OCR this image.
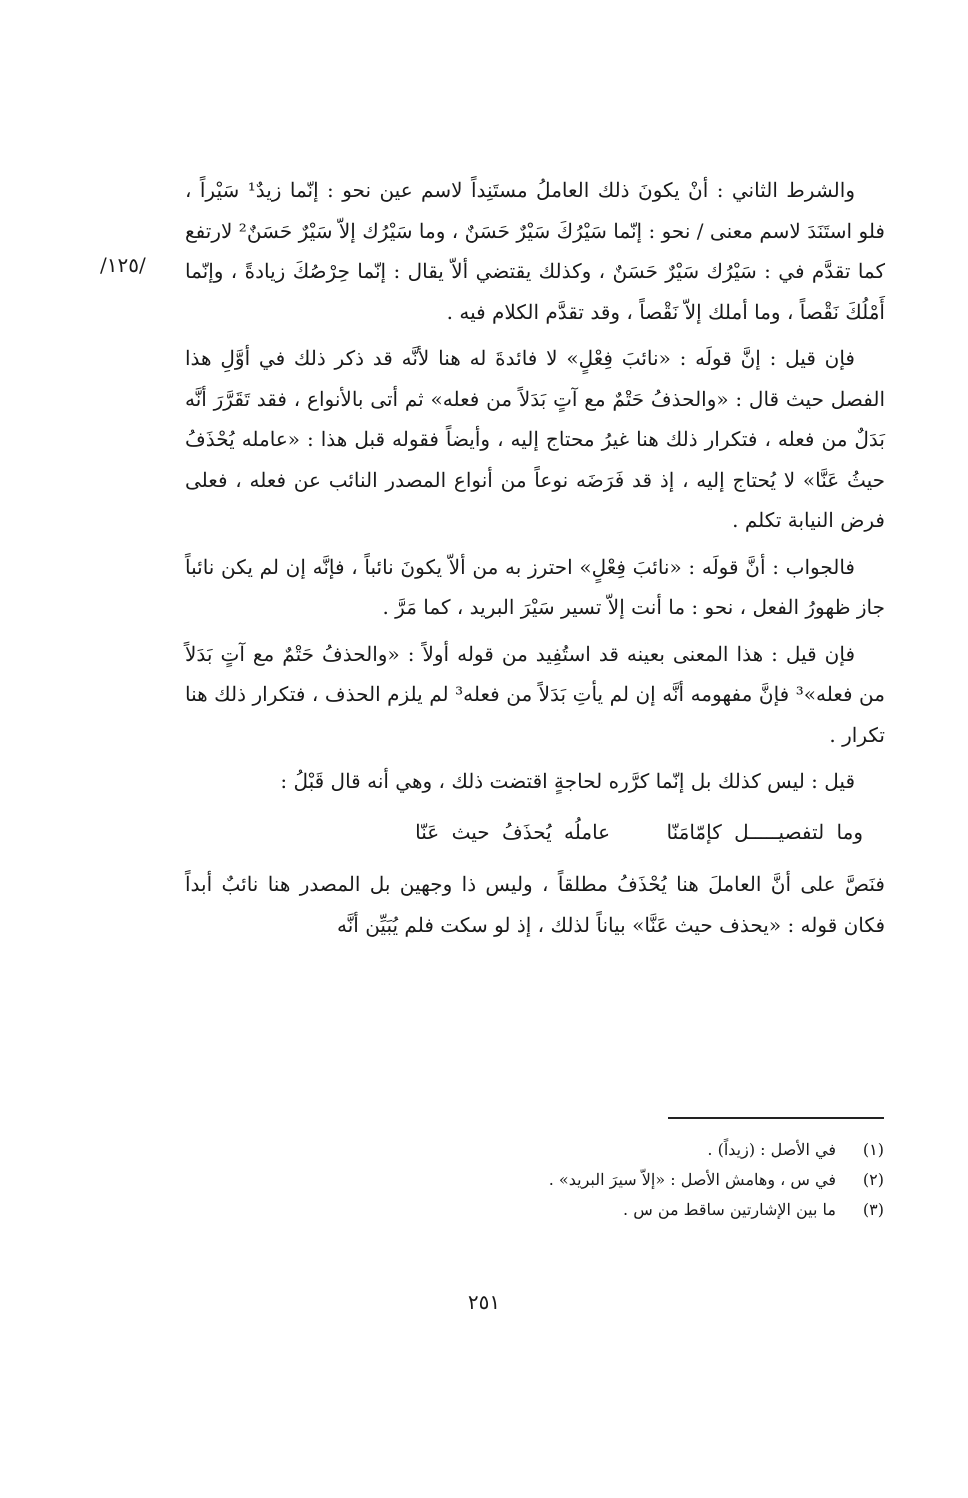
/١٢٥/

والشرط الثاني : أنْ يكونَ ذلك العاملُ مستَنِداً لاسم عين نحو : إنّما زيدٌ¹ سَيْراً ، فلو استَنَدَ لاسم معنى / نحو : إنّما سَيْرُكَ سَيْرٌ حَسَنٌ ، وما سَيْرُك إلاّ سَيْرٌ حَسَنٌ² لارتفع كما تقدَّم في : سَيْرُك سَيْرٌ حَسَنٌ ، وكذلك يقتضي ألاّ يقال : إنّما حِرْصُكَ زيادةً ، وإنّما أَمْلُكَ نَقْصاً ، وما أملك إلاّ نَقْصاً ، وقد تقدَّم الكلام فيه .

فإن قيل : إنَّ قولَه : «نائبَ فِعْلٍ» لا فائدةَ له هنا لأنَّه قد ذكر ذلك في أوَّلِ هذا الفصل حيث قال : «والحذفُ حَتْمٌ مع آتٍ بَدَلاً من فعله» ثم أتى بالأنواع ، فقد تَقَرَّرَ أنَّه بَدَلٌ من فعله ، فتكرار ذلك هنا غيرُ محتاج إليه ، وأيضاً فقوله قبل هذا : «عامله يُحْذَفُ حيثُ عَنَّا» لا يُحتاج إليه ، إذ قد فَرَضَه نوعاً من أنواع المصدر النائب عن فعله ، فعلى فرض النيابة تكلم .

فالجواب : أنَّ قولَه : «نائبَ فِعْلٍ» احترز به من ألاّ يكونَ نائباً ، فإنَّه إن لم يكن نائباً جاز ظهورُ الفعل ، نحو : ما أنت إلاّ تسير سَيْرَ البريد ، كما مَرَّ .

فإن قيل : هذا المعنى بعينه قد استُفِيد من قوله أولاً : «والحذفُ حَتْمٌ مع آتٍ بَدَلاً من فعله»³ فإنَّ مفهومه أنَّه إن لم يأتِ بَدَلاً من فعله³ لم يلزم الحذف ، فتكرار ذلك هنا تكرار .

قيل : ليس كذلك بل إنّما كرَّره لحاجةٍ اقتضت ذلك ، وهي أنه قال قَبْلُ :

وما لتفصيـــــل كإمّامَنّا عاملُه يُحذَفُ حيث عَنّا

فنَصَّ على أنَّ العاملَ هنا يُحْذَفُ مطلقاً ، وليس ذا وجهين بل المصدر هنا نائبٌ أبداً فكان قوله : «يحذف حيث عَنَّا» بياناً لذلك ، إذ لو سكت فلم يُبَيِّن أنَّه

(١)
في الأصل : (زيداً) .
(٢)
في س ، وهامش الأصل : «إلاّ سيرَ البريد» .
(٣)
ما بين الإشارتين ساقط من س .
٢٥١
